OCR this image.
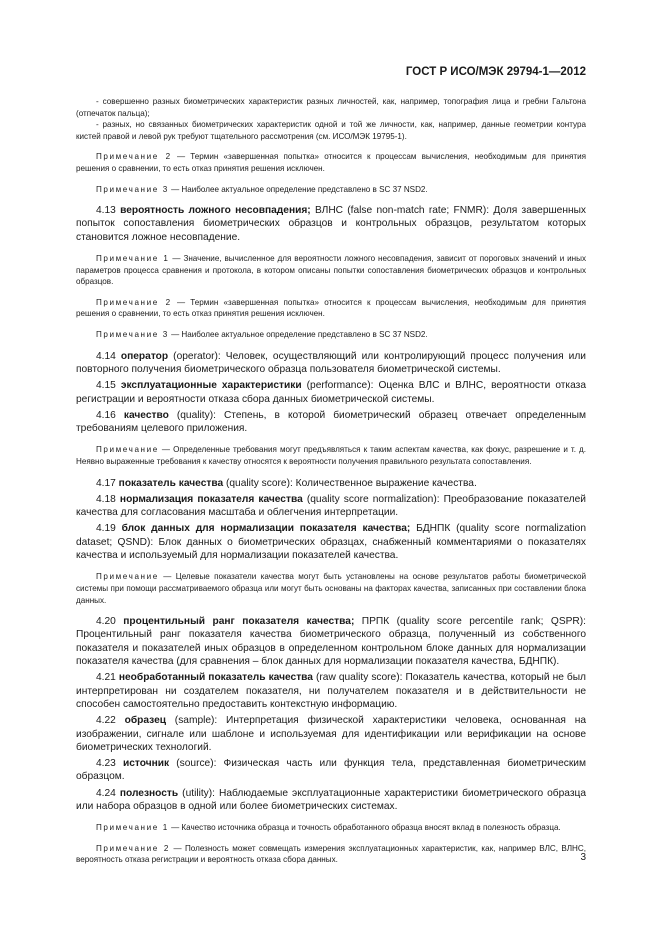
ГОСТ Р ИСО/МЭК 29794-1—2012

- совершенно разных биометрических характеристик разных личностей, как, например, топография лица и гребни Гальтона (отпечаток пальца);

- разных, но связанных биометрических характеристик одной и той же личности, как, например, данные геометрии контура кистей правой и левой рук требуют тщательного рассмотрения (см. ИСО/МЭК 19795-1).

Примечание 2 — Термин «завершенная попытка» относится к процессам вычисления, необходимым для принятия решения о сравнении, то есть отказ принятия решения исключен.

Примечание 3 — Наиболее актуальное определение представлено в SC 37 NSD2.

4.13 вероятность ложного несовпадения; ВЛНС (false non-match rate; FNMR): Доля завершенных попыток сопоставления биометрических образцов и контрольных образцов, результатом которых становится ложное несовпадение.

Примечание 1 — Значение, вычисленное для вероятности ложного несовпадения, зависит от пороговых значений и иных параметров процесса сравнения и протокола, в котором описаны попытки сопоставления биометрических образцов и контрольных образцов.

Примечание 2 — Термин «завершенная попытка» относится к процессам вычисления, необходимым для принятия решения о сравнении, то есть отказ принятия решения исключен.

Примечание 3 — Наиболее актуальное определение представлено в SC 37 NSD2.

4.14 оператор (operator): Человек, осуществляющий или контролирующий процесс получения или повторного получения биометрического образца пользователя биометрической системы.

4.15 эксплуатационные характеристики (performance): Оценка ВЛС и ВЛНС, вероятности отказа регистрации и вероятности отказа сбора данных биометрической системы.

4.16 качество (quality): Степень, в которой биометрический образец отвечает определенным требованиям целевого приложения.

Примечание — Определенные требования могут предъявляться к таким аспектам качества, как фокус, разрешение и т. д. Неявно выраженные требования к качеству относятся к вероятности получения правильного результата сопоставления.

4.17 показатель качества (quality score): Количественное выражение качества.

4.18 нормализация показателя качества (quality score normalization): Преобразование показателей качества для согласования масштаба и облегчения интерпретации.

4.19 блок данных для нормализации показателя качества; БДНПК (quality score normalization dataset; QSND): Блок данных о биометрических образцах, снабженный комментариями о показателях качества и используемый для нормализации показателей качества.

Примечание — Целевые показатели качества могут быть установлены на основе результатов работы биометрической системы при помощи рассматриваемого образца или могут быть основаны на факторах качества, записанных при составлении блока данных.

4.20 процентильный ранг показателя качества; ПРПК (quality score percentile rank; QSPR): Процентильный ранг показателя качества биометрического образца, полученный из собственного показателя и показателей иных образцов в определенном контрольном блоке данных для нормализации показателя качества (для сравнения – блок данных для нормализации показателя качества, БДНПК).

4.21 необработанный показатель качества (raw quality score): Показатель качества, который не был интерпретирован ни создателем показателя, ни получателем показателя и в действительности не способен самостоятельно предоставить контекстную информацию.

4.22 образец (sample): Интерпретация физической характеристики человека, основанная на изображении, сигнале или шаблоне и используемая для идентификации или верификации на основе биометрических технологий.

4.23 источник (source): Физическая часть или функция тела, представленная биометрическим образцом.

4.24 полезность (utility): Наблюдаемые эксплуатационные характеристики биометрического образца или набора образцов в одной или более биометрических системах.

Примечание 1 — Качество источника образца и точность обработанного образца вносят вклад в полезность образца.

Примечание 2 — Полезность может совмещать измерения эксплуатационных характеристик, как, например ВЛС, ВЛНС, вероятность отказа регистрации и вероятность отказа сбора данных.	3
